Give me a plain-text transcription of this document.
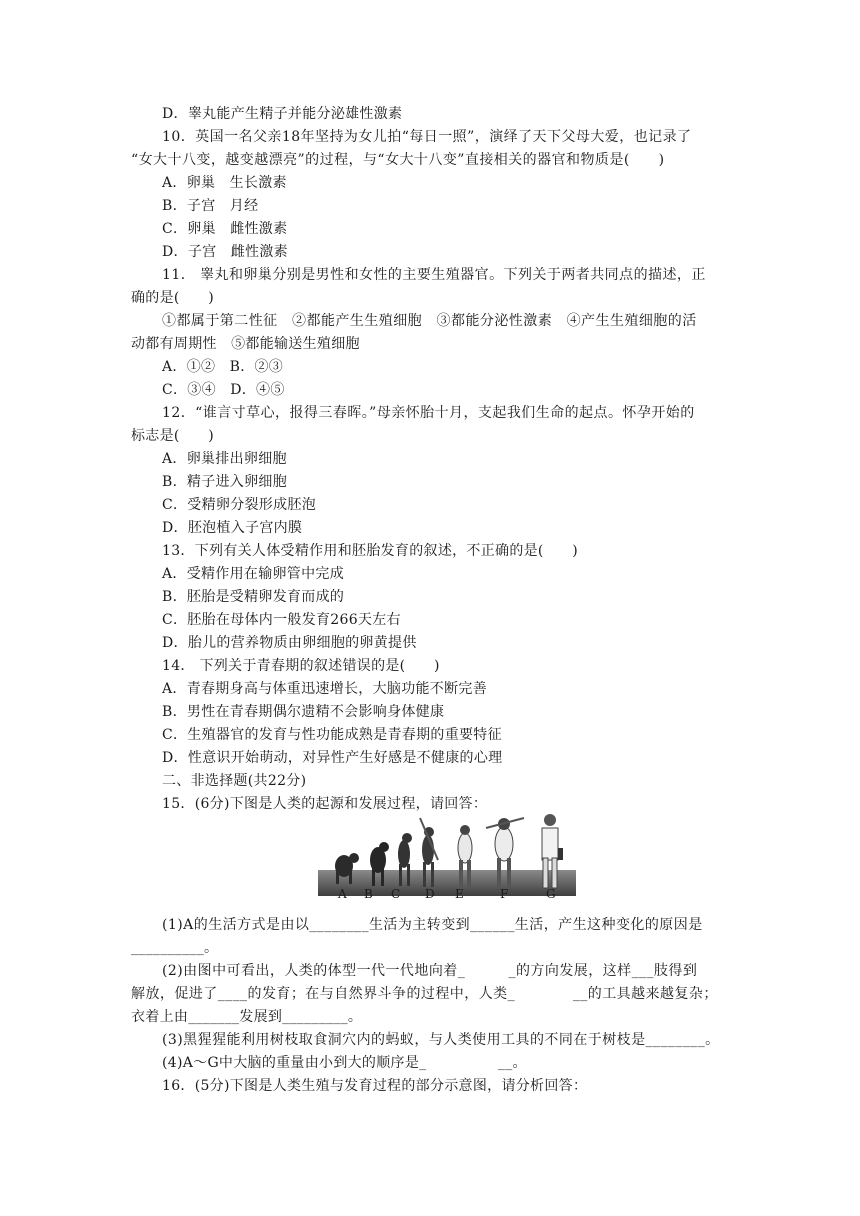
D．睾丸能产生精子并能分泌雄性激素
10．英国一名父亲18年坚持为女儿拍“每日一照”，演绎了天下父母大爱，也记录了
“女大十八变，越变越漂亮”的过程，与“女大十八变”直接相关的器官和物质是(　　)
A．卵巢　生长激素
B．子宫　月经
C．卵巢　雌性激素
D．子宫　雌性激素
11． 睾丸和卵巢分别是男性和女性的主要生殖器官。下列关于两者共同点的描述，正
确的是(　　)
①都属于第二性征　②都能产生生殖细胞　③都能分泌性激素　④产生生殖细胞的活
动都有周期性　⑤都能输送生殖细胞
A．①②　B．②③
C．③④　D．④⑤
12．“谁言寸草心，报得三春晖。”母亲怀胎十月，支起我们生命的起点。怀孕开始的
标志是(　　)
A．卵巢排出卵细胞
B．精子进入卵细胞
C．受精卵分裂形成胚泡
D．胚泡植入子宫内膜
13．下列有关人体受精作用和胚胎发育的叙述，不正确的是(　　)
A．受精作用在输卵管中完成
B．胚胎是受精卵发育而成的
C．胚胎在母体内一般发育266天左右
D．胎儿的营养物质由卵细胞的卵黄提供
14． 下列关于青春期的叙述错误的是(　　)
A．青春期身高与体重迅速增长，大脑功能不断完善
B．男性在青春期偶尔遗精不会影响身体健康
C．生殖器官的发育与性功能成熟是青春期的重要特征
D．性意识开始萌动，对异性产生好感是不健康的心理
二、非选择题(共22分)
15．(6分)下图是人类的起源和发展过程，请回答：
A B C D E	F	G
(1)A的生活方式是由以________生活为主转变到______生活，产生这种变化的原因是
__________。
(2)由图中可看出，人类的体型一代一代地向着_　　　_的方向发展，这样___肢得到
解放，促进了____的发育；在与自然界斗争的过程中，人类_　　　　__的工具越来越复杂；
衣着上由_______发展到_________。
(3)黑猩猩能利用树枝取食洞穴内的蚂蚁，与人类使用工具的不同在于树枝是________。
(4)A～G中大脑的重量由小到大的顺序是_　　　　　__。
16．(5分)下图是人类生殖与发育过程的部分示意图，请分析回答：
